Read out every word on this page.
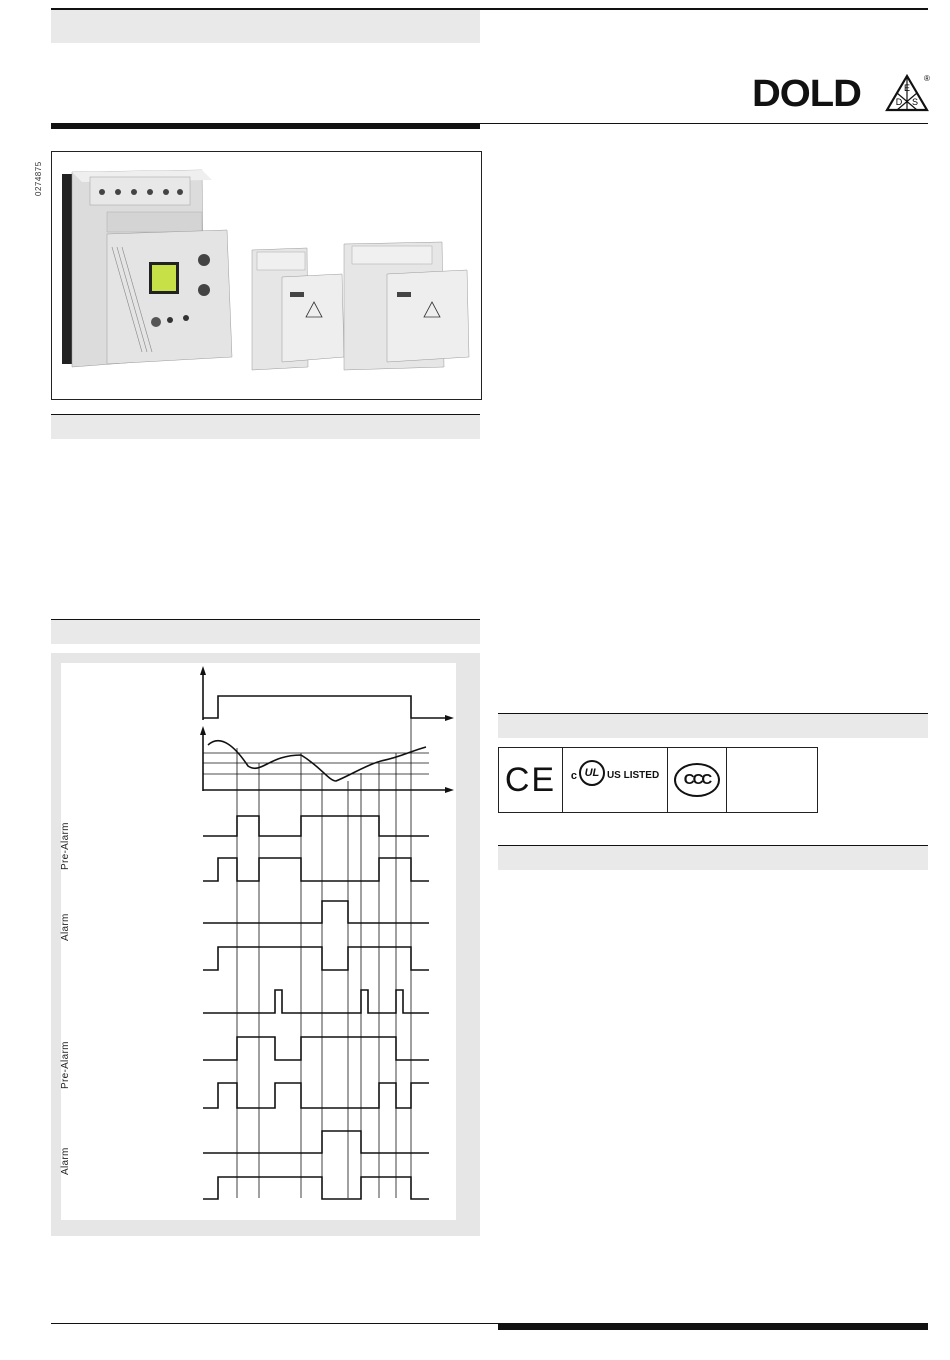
DOLD	E
D S
®
0274875
Pre-Alarm
Alarm
Pre-Alarm
Alarm
CE c UL US LISTED	CCC
